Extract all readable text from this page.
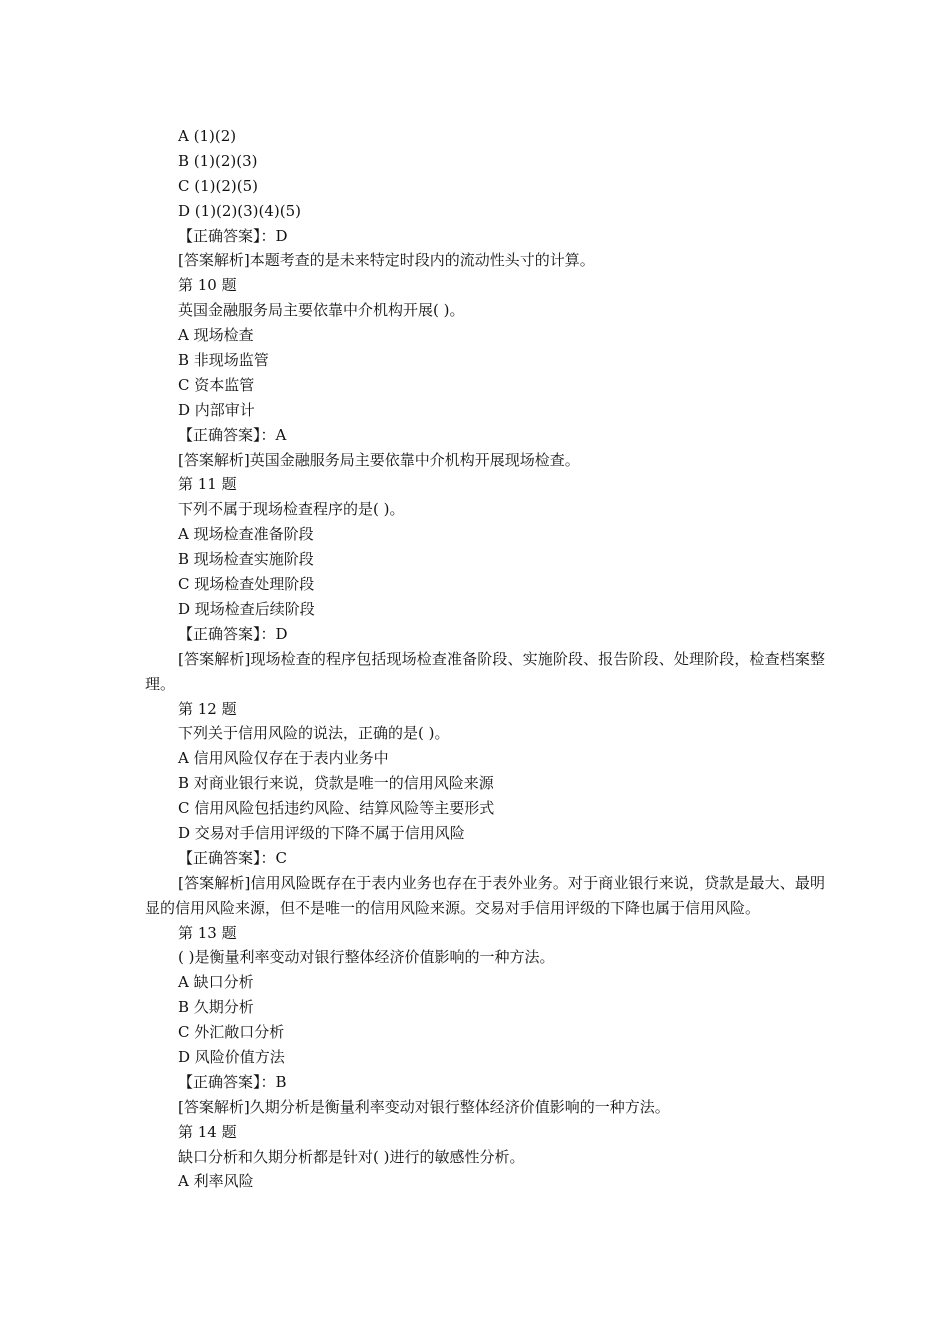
A (1)(2)
B (1)(2)(3)
C (1)(2)(5)
D (1)(2)(3)(4)(5)
【正确答案】：D
[答案解析]本题考查的是未来特定时段内的流动性头寸的计算。
第 10 题
英国金融服务局主要依靠中介机构开展( )。
A 现场检查
B 非现场监管
C 资本监管
D 内部审计
【正确答案】：A
[答案解析]英国金融服务局主要依靠中介机构开展现场检查。
第 11 题
下列不属于现场检查程序的是( )。
A 现场检查准备阶段
B 现场检查实施阶段
C 现场检查处理阶段
D 现场检查后续阶段
【正确答案】：D
[答案解析]现场检查的程序包括现场检查准备阶段、实施阶段、报告阶段、处理阶段，检查档案整理。
第 12 题
下列关于信用风险的说法，正确的是( )。
A 信用风险仅存在于表内业务中
B 对商业银行来说，贷款是唯一的信用风险来源
C 信用风险包括违约风险、结算风险等主要形式
D 交易对手信用评级的下降不属于信用风险
【正确答案】：C
[答案解析]信用风险既存在于表内业务也存在于表外业务。对于商业银行来说，贷款是最大、最明显的信用风险来源，但不是唯一的信用风险来源。交易对手信用评级的下降也属于信用风险。
第 13 题
( )是衡量利率变动对银行整体经济价值影响的一种方法。
A 缺口分析
B 久期分析
C 外汇敞口分析
D 风险价值方法
【正确答案】：B
[答案解析]久期分析是衡量利率变动对银行整体经济价值影响的一种方法。
第 14 题
缺口分析和久期分析都是针对( )进行的敏感性分析。
A 利率风险
